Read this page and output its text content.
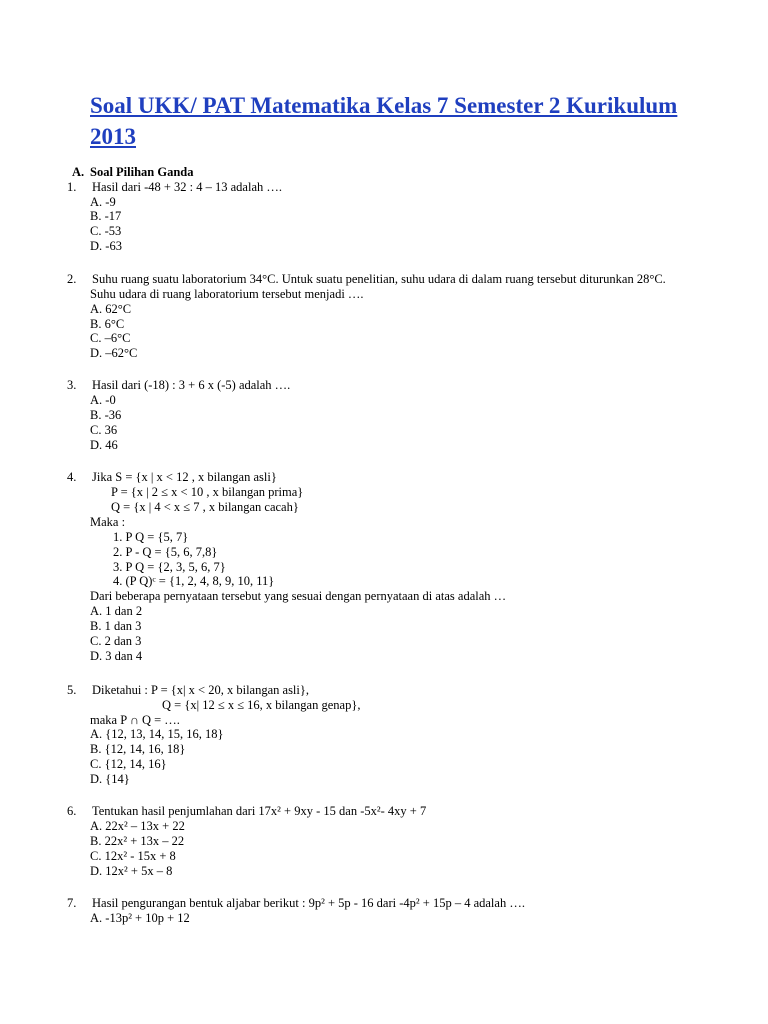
Soal UKK/ PAT Matematika Kelas 7 Semester 2 Kurikulum 2013
A. Soal Pilihan Ganda
1. Hasil dari -48 + 32 : 4 – 13 adalah ….
A. -9
B. -17
C. -53
D. -63
2. Suhu ruang suatu laboratorium 34°C. Untuk suatu penelitian, suhu udara di dalam ruang tersebut diturunkan 28°C.
Suhu udara di ruang laboratorium tersebut menjadi ….
A. 62°C
B. 6°C
C. –6°C
D. –62°C
3. Hasil dari (-18) : 3 + 6 x (-5) adalah ….
A. -0
B. -36
C. 36
D. 46
4. Jika S = {x | x < 12 , x bilangan asli}
P = {x | 2 ≤ x < 10 , x bilangan prima}
Q = {x | 4 < x ≤ 7 , x bilangan cacah}
Maka :
1. P Q = {5, 7}
2. P - Q = {5, 6, 7,8}
3. P Q = {2, 3, 5, 6, 7}
4. (P Q)ᶜ = {1, 2, 4, 8, 9, 10, 11}
Dari beberapa pernyataan tersebut yang sesuai dengan pernyataan di atas adalah …
A. 1 dan 2
B. 1 dan 3
C. 2 dan 3
D. 3 dan 4
5. Diketahui : P = {x| x < 20, x bilangan asli},
Q = {x| 12 ≤ x ≤ 16, x bilangan genap},
maka P ∩ Q = ….
A. {12, 13, 14, 15, 16, 18}
B. {12, 14, 16, 18}
C. {12, 14, 16}
D. {14}
6. Tentukan hasil penjumlahan dari 17x² + 9xy - 15 dan -5x²- 4xy + 7
A. 22x² – 13x + 22
B. 22x² + 13x – 22
C. 12x² - 15x + 8
D. 12x² + 5x – 8
7. Hasil pengurangan bentuk aljabar berikut : 9p² + 5p - 16 dari -4p² + 15p – 4 adalah ….
A. -13p² + 10p + 12
